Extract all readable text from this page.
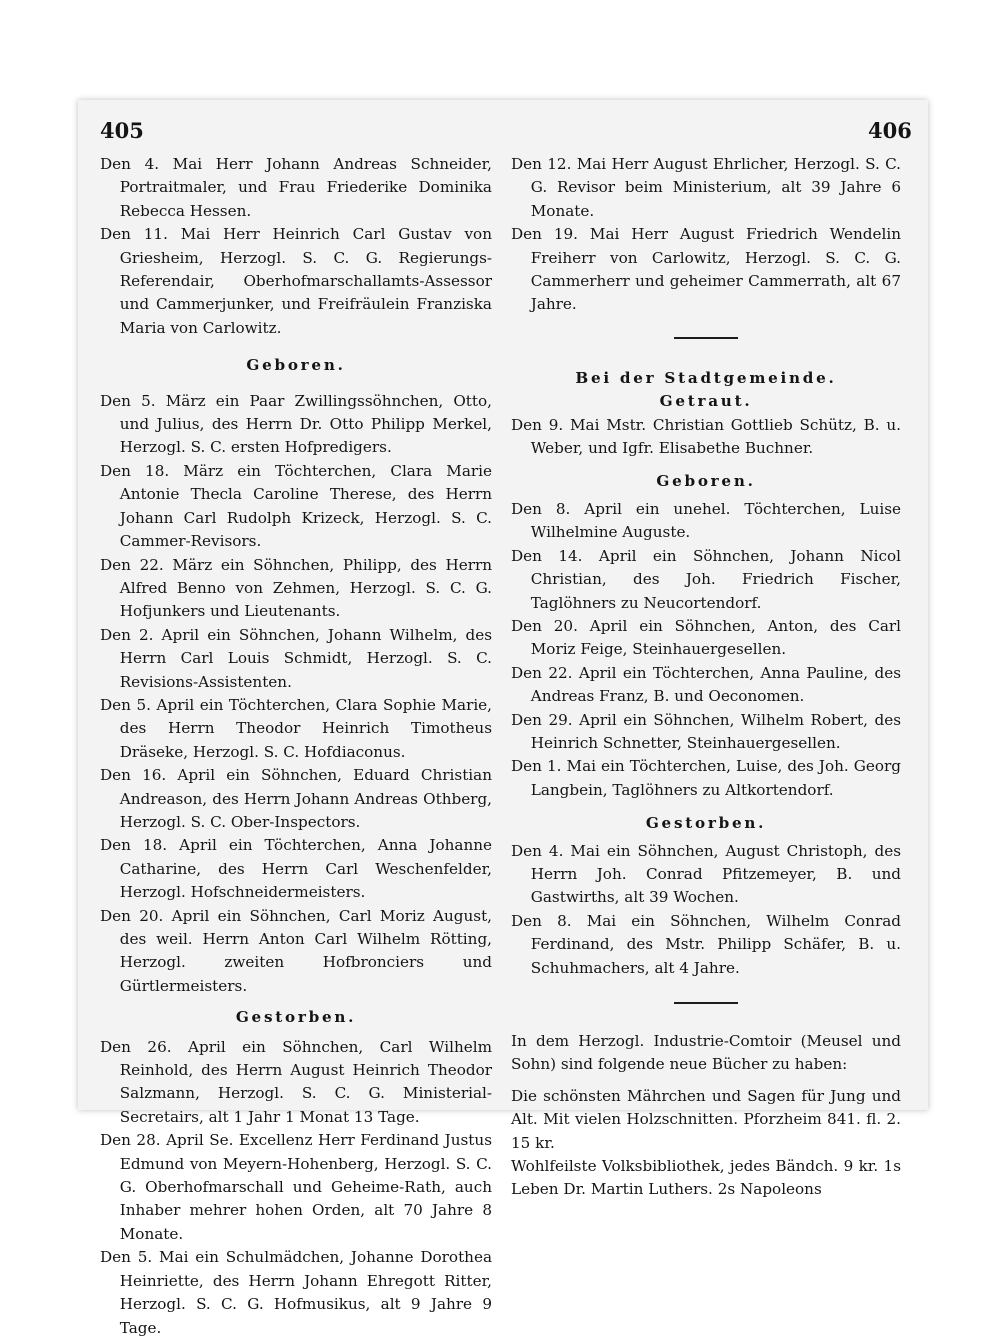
405	406

Den 4. Mai Herr Johann Andreas Schneider, Portraitmaler, und Frau Friederike Dominika Rebecca Hessen.

Den 11. Mai Herr Heinrich Carl Gustav von Griesheim, Herzogl. S. C. G. Regierungs-Referendair, Oberhofmarschallamts-Assessor und Cammerjunker, und Freifräulein Franziska Maria von Carlowitz.

Geboren.

Den 5. März ein Paar Zwillingssöhnchen, Otto, und Julius, des Herrn Dr. Otto Philipp Merkel, Herzogl. S. C. ersten Hofpredigers.

Den 18. März ein Töchterchen, Clara Marie Antonie Thecla Caroline Therese, des Herrn Johann Carl Rudolph Krizeck, Herzogl. S. C. Cammer-Revisors.

Den 22. März ein Söhnchen, Philipp, des Herrn Alfred Benno von Zehmen, Herzogl. S. C. G. Hofjunkers und Lieutenants.

Den 2. April ein Söhnchen, Johann Wilhelm, des Herrn Carl Louis Schmidt, Herzogl. S. C. Revisions-Assistenten.

Den 5. April ein Töchterchen, Clara Sophie Marie, des Herrn Theodor Heinrich Timotheus Dräseke, Herzogl. S. C. Hofdiaconus.

Den 16. April ein Söhnchen, Eduard Christian Andreason, des Herrn Johann Andreas Othberg, Herzogl. S. C. Ober-Inspectors.

Den 18. April ein Töchterchen, Anna Johanne Catharine, des Herrn Carl Weschenfelder, Herzogl. Hofschneidermeisters.

Den 20. April ein Söhnchen, Carl Moriz August, des weil. Herrn Anton Carl Wilhelm Rötting, Herzogl. zweiten Hofbronciers und Gürtlermeisters.

Gestorben.

Den 26. April ein Söhnchen, Carl Wilhelm Reinhold, des Herrn August Heinrich Theodor Salzmann, Herzogl. S. C. G. Ministerial-Secretairs, alt 1 Jahr 1 Monat 13 Tage.

Den 28. April Se. Excellenz Herr Ferdinand Justus Edmund von Meyern-Hohenberg, Herzogl. S. C. G. Oberhofmarschall und Geheime-Rath, auch Inhaber mehrer hohen Orden, alt 70 Jahre 8 Monate.

Den 5. Mai ein Schulmädchen, Johanne Dorothea Heinriette, des Herrn Johann Ehregott Ritter, Herzogl. S. C. G. Hofmusikus, alt 9 Jahre 9 Tage.

Den 12. Mai Herr August Ehrlicher, Herzogl. S. C. G. Revisor beim Ministerium, alt 39 Jahre 6 Monate.

Den 19. Mai Herr August Friedrich Wendelin Freiherr von Carlowitz, Herzogl. S. C. G. Cammerherr und geheimer Cammerrath, alt 67 Jahre.

Bei der Stadtgemeinde.

Getraut.

Den 9. Mai Mstr. Christian Gottlieb Schütz, B. u. Weber, und Igfr. Elisabethe Buchner.

Geboren.

Den 8. April ein unehel. Töchterchen, Luise Wilhelmine Auguste.

Den 14. April ein Söhnchen, Johann Nicol Christian, des Joh. Friedrich Fischer, Taglöhners zu Neucortendorf.

Den 20. April ein Söhnchen, Anton, des Carl Moriz Feige, Steinhauergesellen.

Den 22. April ein Töchterchen, Anna Pauline, des Andreas Franz, B. und Oeconomen.

Den 29. April ein Söhnchen, Wilhelm Robert, des Heinrich Schnetter, Steinhauergesellen.

Den 1. Mai ein Töchterchen, Luise, des Joh. Georg Langbein, Taglöhners zu Altkortendorf.

Gestorben.

Den 4. Mai ein Söhnchen, August Christoph, des Herrn Joh. Conrad Pfitzemeyer, B. und Gastwirths, alt 39 Wochen.

Den 8. Mai ein Söhnchen, Wilhelm Conrad Ferdinand, des Mstr. Philipp Schäfer, B. u. Schuhmachers, alt 4 Jahre.

In dem Herzogl. Industrie-Comtoir (Meusel und Sohn) sind folgende neue Bücher zu haben:

Die schönsten Mährchen und Sagen für Jung und Alt. Mit vielen Holzschnitten. Pforzheim 841. fl. 2. 15 kr.

Wohlfeilste Volksbibliothek, jedes Bändch. 9 kr. 1s Leben Dr. Martin Luthers. 2s Napoleons
